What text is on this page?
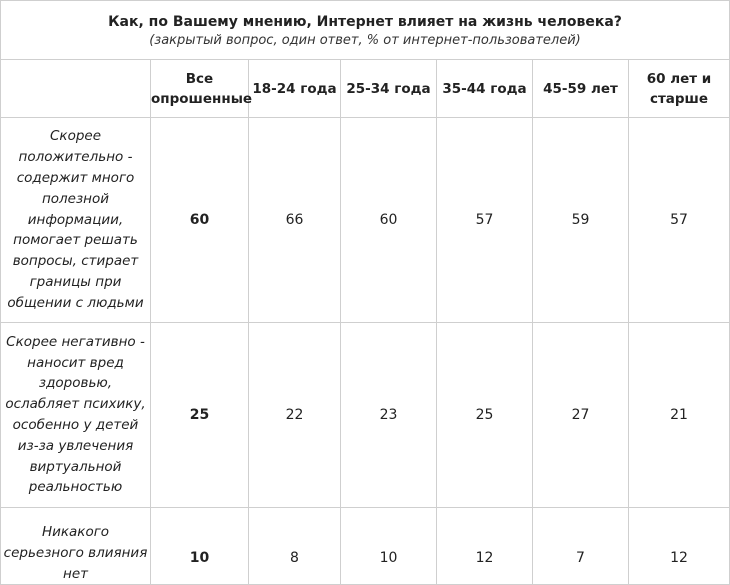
Как, по Вашему мнению, Интернет влияет на жизнь человека?
(закрытый вопрос, один ответ, % от интернет-пользователей)						

	Все опрошенные	18-24 года	25-34 года	35-44 года	45-59 лет	60 лет и старше
Скорее положительно - содержит много полезной информации, помогает решать вопросы, стирает границы при общении с людьми	60	66	60	57	59	57
Скорее негативно - наносит вред здоровью, ослабляет психику, особенно у детей из-за увлечения виртуальной реальностью	25	22	23	25	27	21
Никакого серьезного влияния нет	10	8	10	12	7	12
